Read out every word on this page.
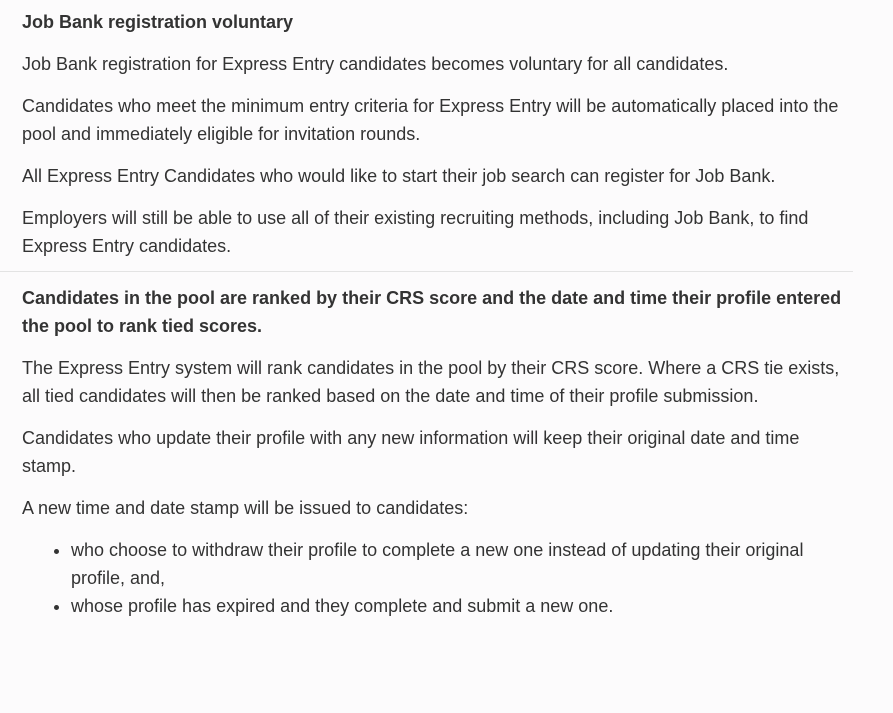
Job Bank registration voluntary

Job Bank registration for Express Entry candidates becomes voluntary for all candidates.

Candidates who meet the minimum entry criteria for Express Entry will be automatically placed into the pool and immediately eligible for invitation rounds.

All Express Entry Candidates who would like to start their job search can register for Job Bank.

Employers will still be able to use all of their existing recruiting methods, including Job Bank, to find Express Entry candidates.

Candidates in the pool are ranked by their CRS score and the date and time their profile entered the pool to rank tied scores.

The Express Entry system will rank candidates in the pool by their CRS score. Where a CRS tie exists, all tied candidates will then be ranked based on the date and time of their profile submission.

Candidates who update their profile with any new information will keep their original date and time stamp.

A new time and date stamp will be issued to candidates:

• who choose to withdraw their profile to complete a new one instead of updating their original profile, and,
• whose profile has expired and they complete and submit a new one.
